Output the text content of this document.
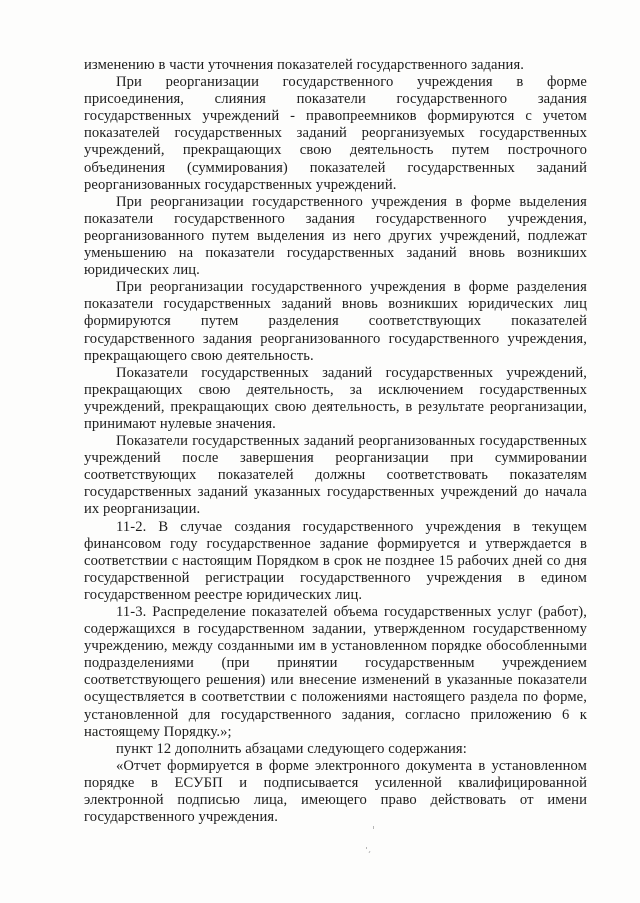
изменению в части уточнения показателей государственного задания.

При реорганизации государственного учреждения в форме присоединения, слияния показатели государственного задания государственных учреждений - правопреемников формируются с учетом показателей государственных заданий реорганизуемых государственных учреждений, прекращающих свою деятельность путем построчного объединения (суммирования) показателей государственных заданий реорганизованных государственных учреждений.

При реорганизации государственного учреждения в форме выделения показатели государственного задания государственного учреждения, реорганизованного путем выделения из него других учреждений, подлежат уменьшению на показатели государственных заданий вновь возникших юридических лиц.

При реорганизации государственного учреждения в форме разделения показатели государственных заданий вновь возникших юридических лиц формируются путем разделения соответствующих показателей государственного задания реорганизованного государственного учреждения, прекращающего свою деятельность.

Показатели государственных заданий государственных учреждений, прекращающих свою деятельность, за исключением государственных учреждений, прекращающих свою деятельность, в результате реорганизации, принимают нулевые значения.

Показатели государственных заданий реорганизованных государственных учреждений после завершения реорганизации при суммировании соответствующих показателей должны соответствовать показателям государственных заданий указанных государственных учреждений до начала их реорганизации.

11-2. В случае создания государственного учреждения в текущем финансовом году государственное задание формируется и утверждается в соответствии с настоящим Порядком в срок не позднее 15 рабочих дней со дня государственной регистрации государственного учреждения в едином государственном реестре юридических лиц.

11-3. Распределение показателей объема государственных услуг (работ), содержащихся в государственном задании, утвержденном государственному учреждению, между созданными им в установленном порядке обособленными подразделениями (при принятии государственным учреждением соответствующего решения) или внесение изменений в указанные показатели осуществляется в соответствии с положениями настоящего раздела по форме, установленной для государственного задания, согласно приложению 6 к настоящему Порядку.»;

пункт 12 дополнить абзацами следующего содержания:

«Отчет формируется в форме электронного документа в установленном порядке в ЕСУБП и подписывается усиленной квалифицированной электронной подписью лица, имеющего право действовать от имени государственного учреждения.
